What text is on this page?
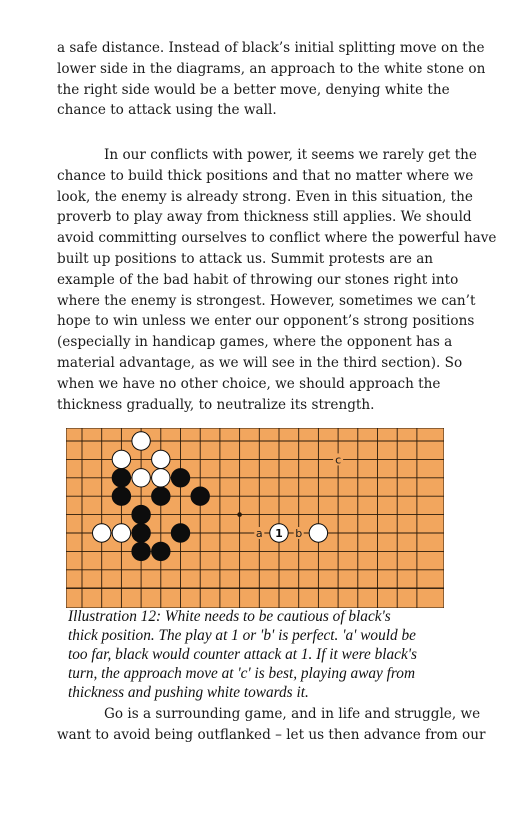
a safe distance. Instead of black’s initial splitting move on the
lower side in the diagrams, an approach to the white stone on
the right side would be a better move, denying white the
chance to attack using the wall.

In our conflicts with power, it seems we rarely get the
chance to build thick positions and that no matter where we
look, the enemy is already strong. Even in this situation, the
proverb to play away from thickness still applies. We should
avoid committing ourselves to conflict where the powerful have
built up positions to attack us. Summit protests are an
example of the bad habit of throwing our stones right into
where the enemy is strongest. However, sometimes we can’t
hope to win unless we enter our opponent’s strong positions
(especially in handicap games, where the opponent has a
material advantage, as we will see in the third section). So
when we have no other choice, we should approach the
thickness gradually, to neutralize its strength.

c
a	b
1

Illustration 12: White needs to be cautious of black's
thick position. The play at 1 or 'b' is perfect. 'a' would be
too far, black would counter attack at 1. If it were black's
turn, the approach move at 'c' is best, playing away from
thickness and pushing white towards it.

Go is a surrounding game, and in life and struggle, we
want to avoid being outflanked – let us then advance from our
